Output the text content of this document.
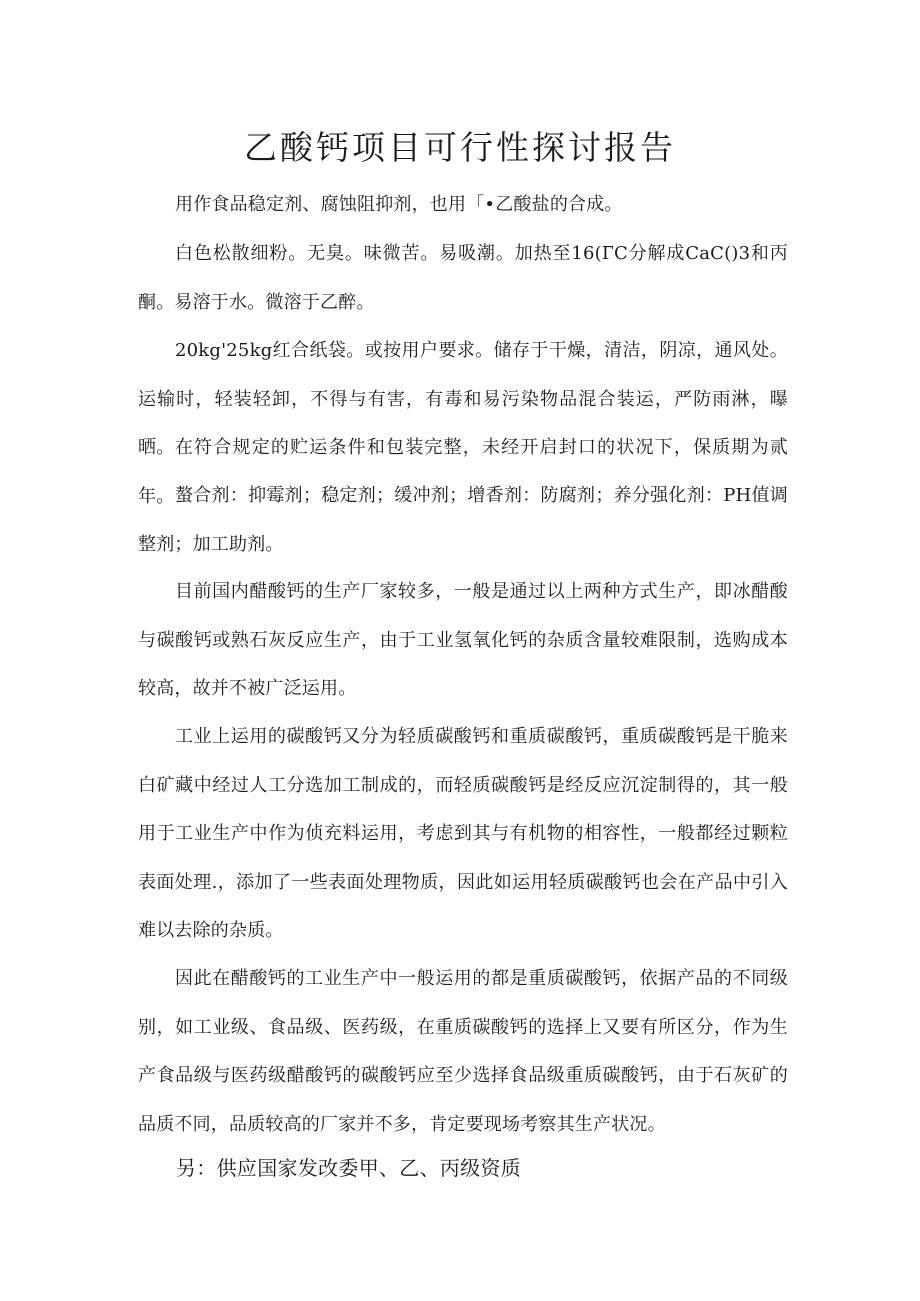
乙酸钙项目可行性探讨报告

用作食品稳定剂、腐蚀阻抑剂，也用「•乙酸盐的合成。

白色松散细粉。无臭。味微苦。易吸潮。加热至16(ГC分解成CaC()3和丙酮。易溶于水。微溶于乙醉。

20kg'25kg红合纸袋。或按用户要求。储存于干燥，清洁，阴凉，通风处。运输时，轻装轻卸，不得与有害，有毒和易污染物品混合装运，严防雨淋，曝晒。 在符合规定的贮运条件和包装完整，未经开启封口的状况下，保质期为贰年。 螯合剂：抑霉剂；稳定剂；缓冲剂；增香剂：防腐剂；养分强化剂：PH值调整剂；加工助剂。

目前国内醋酸钙的生产厂家较多，一般是通过以上两种方式生产，即冰醋酸与碳酸钙或熟石灰反应生产，由于工业氢氧化钙的杂质含量较难限制，选购成本较高，故并不被广泛运用。

工业上运用的碳酸钙又分为轻质碳酸钙和重质碳酸钙，重质碳酸钙是干脆来白矿藏中经过人工分选加工制成的，而轻质碳酸钙是经反应沉淀制得的，其一般用于工业生产中作为侦充料运用，考虑到其与有机物的相容性，一般都经过颗粒表面处理.，添加了一些表面处理物质，因此如运用轻质碳酸钙也会在产品中引入难以去除的杂质。

因此在醋酸钙的工业生产中一般运用的都是重质碳酸钙，依据产品的不同级别，如工业级、食品级、医药级，在重质碳酸钙的选择上又要有所区分，作为生产食品级与医药级醋酸钙的碳酸钙应至少选择食品级重质碳酸钙，由于石灰矿的品质不同，品质较高的厂家并不多，肯定要现场考察其生产状况。

另：供应国家发改委甲、乙、丙级资质
